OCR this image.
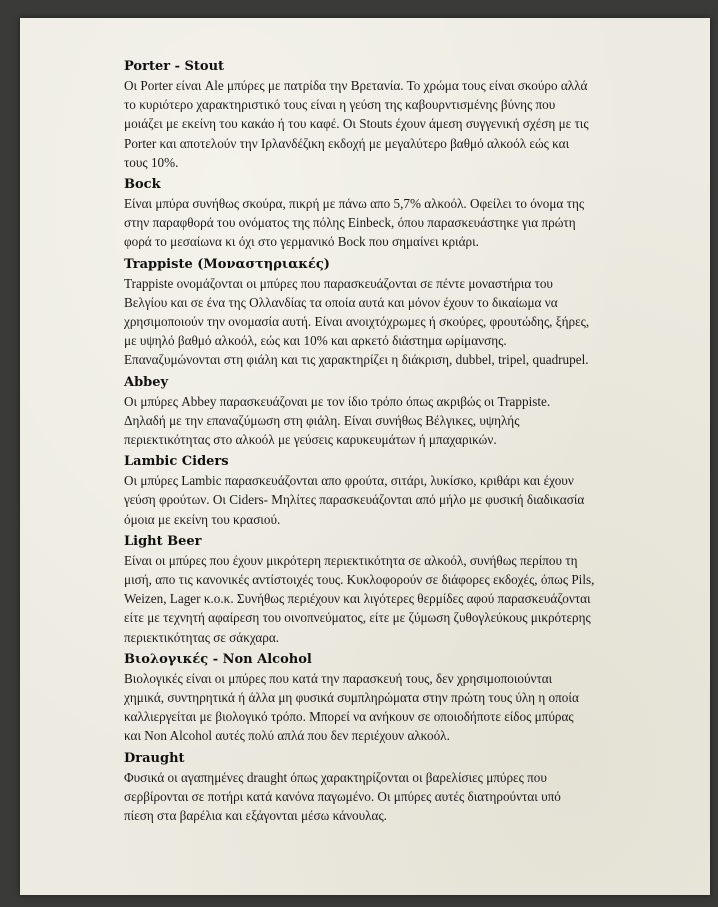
Porter - Stout
Οι Porter είναι Ale μπύρες με πατρίδα την Βρετανία. Το χρώμα τους είναι σκούρο αλλά
το κυριότερο χαρακτηριστικό τους είναι η γεύση της καβουρντισμένης βύνης που
μοιάζει με εκείνη του κακάο ή του καφέ. Οι Stouts έχουν άμεση συγγενική σχέση με τις
Porter και αποτελούν την Ιρλανδέζικη εκδοχή με μεγαλύτερο βαθμό αλκοόλ εώς και
τους 10%.
Bock
Είναι μπύρα συνήθως σκούρα, πικρή με πάνω απο 5,7% αλκοόλ. Οφείλει το όνομα της
στην παραφθορά του ονόματος της πόλης Einbeck, όπου παρασκευάστηκε για πρώτη
φορά το μεσαίωνα κι όχι στο γερμανικό Bock που σημαίνει κριάρι.
Trappiste (Μοναστηριακές)
Trappiste ονομάζονται οι μπύρες που παρασκευάζονται σε πέντε μοναστήρια του
Βελγίου και σε ένα της Ολλανδίας τα οποία αυτά και μόνον έχουν το δικαίωμα να
χρησιμοποιούν την ονομασία αυτή. Είναι ανοιχτόχρωμες ή σκούρες, φρουτώδης, ξήρες,
με υψηλό βαθμό αλκοόλ, εώς και 10% και αρκετό διάστημα ωρίμανσης.
Επαναζυμώνονται στη φιάλη και τις χαρακτηρίζει η διάκριση, dubbel, tripel, quadrupel.
Abbey
Οι μπύρες Abbey παρασκευάζοναι με τον ίδιο τρόπο όπως ακριβώς οι Trappiste.
Δηλαδή με την επαναζύμωση στη φιάλη. Είναι συνήθως Βέλγικες, υψηλής
περιεκτικότητας στο αλκοόλ με γεύσεις καρυκευμάτων ή μπαχαρικών.
Lambic Ciders
Οι μπύρες Lambic παρασκευάζονται απο φρούτα, σιτάρι, λυκίσκο, κριθάρι και έχουν
γεύση φρούτων. Οι Ciders- Μηλίτες παρασκευάζονται από μήλο με φυσική διαδικασία
όμοια με εκείνη του κρασιού.
Light Beer
Είναι οι μπύρες που έχουν μικρότερη περιεκτικότητα σε αλκοόλ, συνήθως περίπου τη
μισή, απο τις κανονικές αντίστοιχές τους. Κυκλοφορούν σε διάφορες εκδοχές, όπως Pils,
Weizen, Lager κ.ο.κ. Συνήθως περιέχουν και λιγότερες θερμίδες αφού παρασκευάζονται
είτε με τεχνητή αφαίρεση του οινοπνεύματος, είτε με ζύμωση ζυθογλεύκους μικρότερης
περιεκτικότητας σε σάκχαρα.
Βιολογικές - Non Alcohol
Βιολογικές είναι οι μπύρες που κατά την παρασκευή τους, δεν χρησιμοποιούνται
χημικά, συντηρητικά ή άλλα μη φυσικά συμπληρώματα στην πρώτη τους ύλη η οποία
καλλιεργείται με βιολογικό τρόπο. Μπορεί να ανήκουν σε οποιοδήποτε είδος μπύρας
και Non Alcohol αυτές πολύ απλά που δεν περιέχουν αλκοόλ.
Draught
Φυσικά οι αγαπημένες draught όπως χαρακτηρίζονται οι βαρελίσιες μπύρες που
σερβίρονται σε ποτήρι κατά κανόνα παγωμένο. Οι μπύρες αυτές διατηρούνται υπό
πίεση στα βαρέλια και εξάγονται μέσω κάνουλας.
